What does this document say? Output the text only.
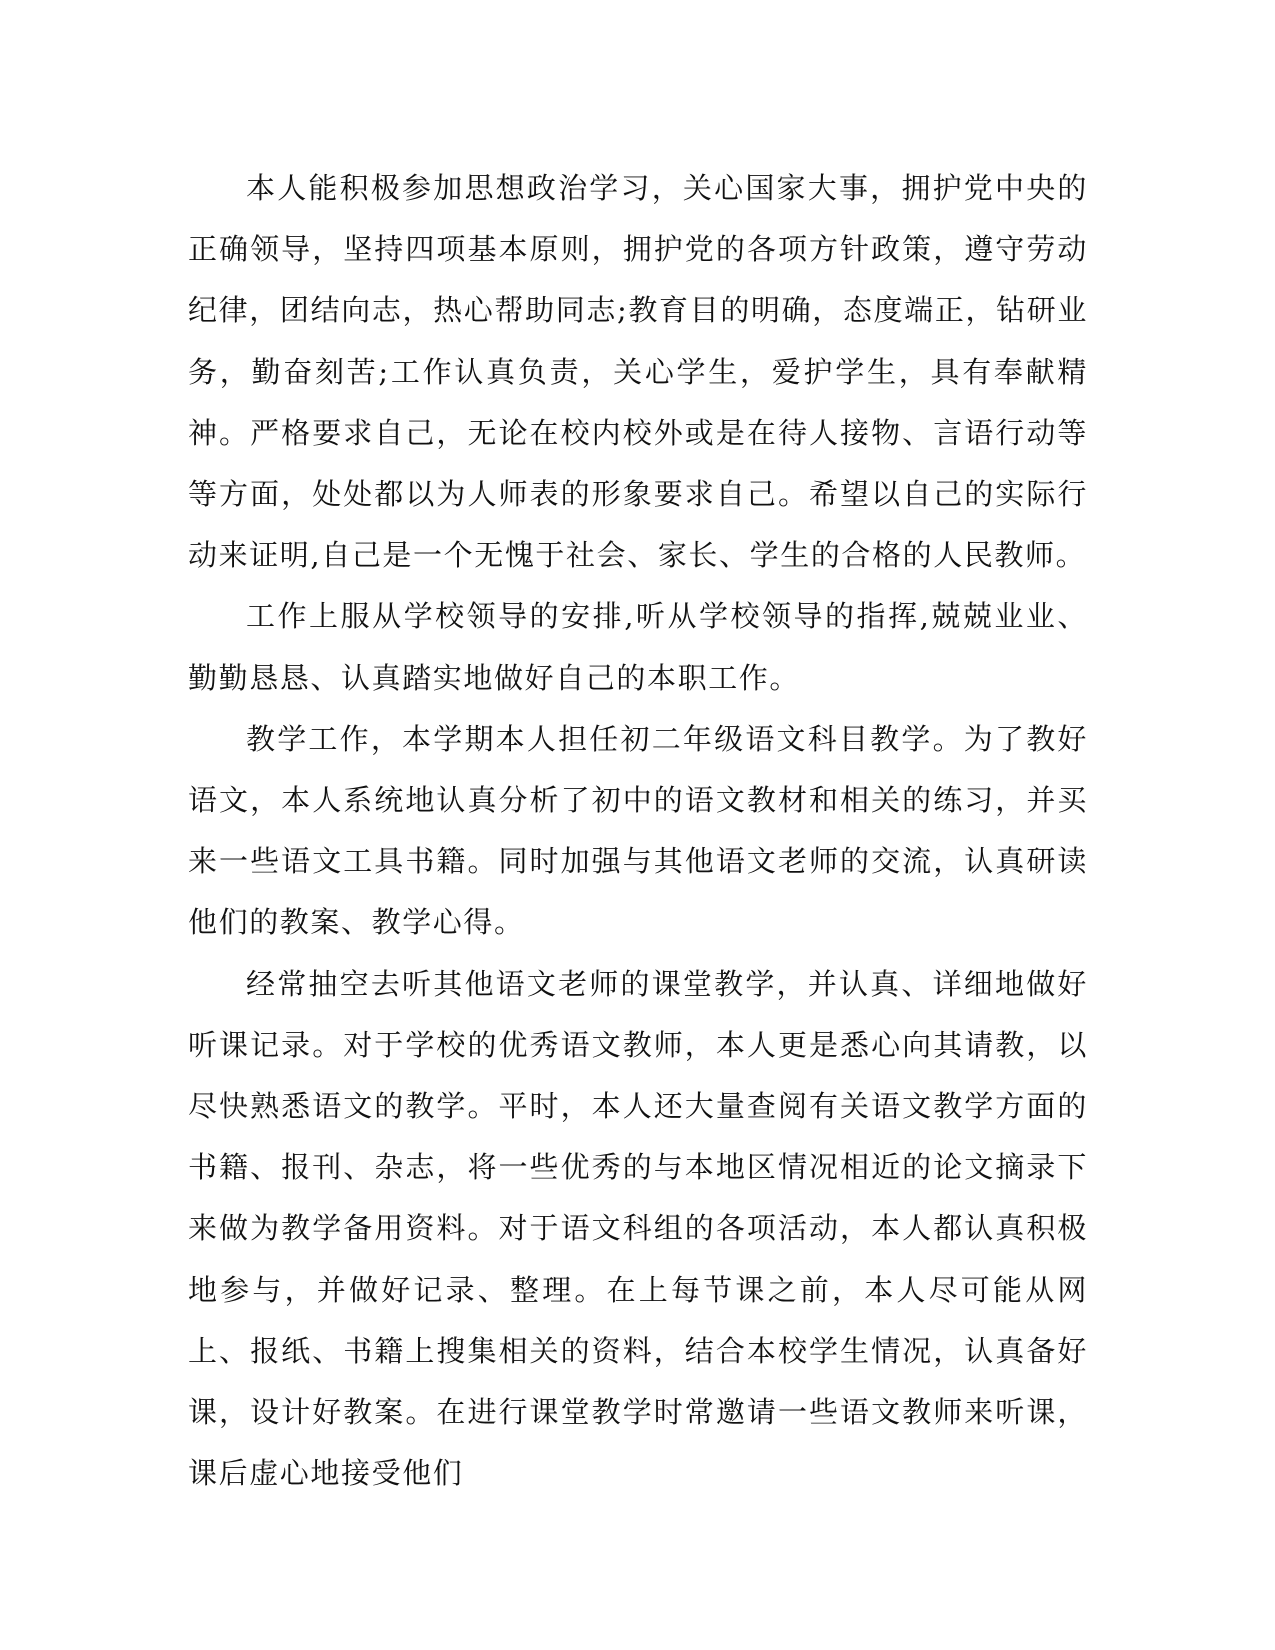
本人能积极参加思想政治学习，关心国家大事，拥护党中央的正确领导，坚持四项基本原则，拥护党的各项方针政策，遵守劳动纪律，团结向志，热心帮助同志;教育目的明确，态度端正，钻研业务，勤奋刻苦;工作认真负责，关心学生，爱护学生，具有奉献精神。严格要求自己，无论在校内校外或是在待人接物、言语行动等等方面，处处都以为人师表的形象要求自己。希望以自己的实际行动来证明,自己是一个无愧于社会、家长、学生的合格的人民教师。

工作上服从学校领导的安排,听从学校领导的指挥,兢兢业业、勤勤恳恳、认真踏实地做好自己的本职工作。

教学工作，本学期本人担任初二年级语文科目教学。为了教好语文，本人系统地认真分析了初中的语文教材和相关的练习，并买来一些语文工具书籍。同时加强与其他语文老师的交流，认真研读他们的教案、教学心得。

经常抽空去听其他语文老师的课堂教学，并认真、详细地做好听课记录。对于学校的优秀语文教师，本人更是悉心向其请教，以尽快熟悉语文的教学。平时，本人还大量查阅有关语文教学方面的书籍、报刊、杂志，将一些优秀的与本地区情况相近的论文摘录下来做为教学备用资料。对于语文科组的各项活动，本人都认真积极地参与，并做好记录、整理。在上每节课之前，本人尽可能从网上、报纸、书籍上搜集相关的资料，结合本校学生情况，认真备好课，设计好教案。在进行课堂教学时常邀请一些语文教师来听课，课后虚心地接受他们
